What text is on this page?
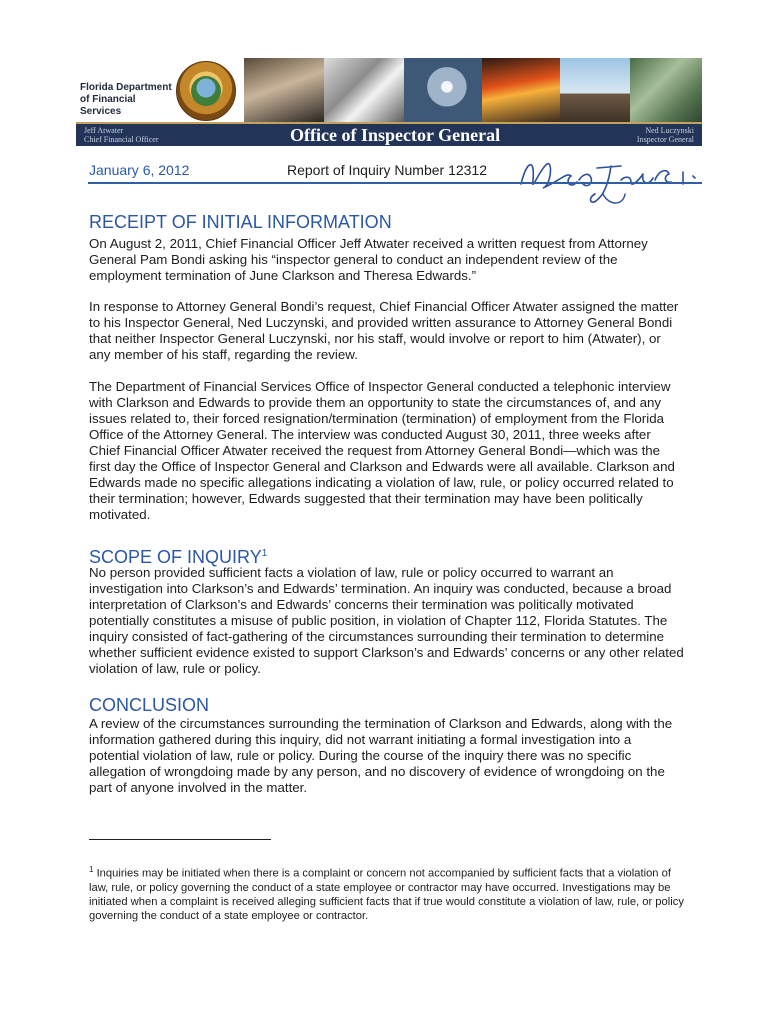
Florida Department
of Financial Services
Jeff Atwater
Chief Financial Officer	Office of Inspector General	Ned Luczynski
Inspector General
January 6, 2012	Report of Inquiry Number 12312
RECEIPT OF INITIAL INFORMATION

On August 2, 2011, Chief Financial Officer Jeff Atwater received a written request from Attorney General Pam Bondi asking his “inspector general to conduct an independent review of the employment termination of June Clarkson and Theresa Edwards.”

In response to Attorney General Bondi’s request, Chief Financial Officer Atwater assigned the matter to his Inspector General, Ned Luczynski, and provided written assurance to Attorney General Bondi that neither Inspector General Luczynski, nor his staff, would involve or report to him (Atwater), or any member of his staff, regarding the review.

The Department of Financial Services Office of Inspector General conducted a telephonic interview with Clarkson and Edwards to provide them an opportunity to state the circumstances of, and any issues related to, their forced resignation/termination (termination) of employment from the Florida Office of the Attorney General. The interview was conducted August 30, 2011, three weeks after Chief Financial Officer Atwater received the request from Attorney General Bondi—which was the first day the Office of Inspector General and Clarkson and Edwards were all available. Clarkson and Edwards made no specific allegations indicating a violation of law, rule, or policy occurred related to their termination; however, Edwards suggested that their termination may have been politically motivated.

SCOPE OF INQUIRY$^1$

No person provided sufficient facts a violation of law, rule or policy occurred to warrant an investigation into Clarkson’s and Edwards’ termination. An inquiry was conducted, because a broad interpretation of Clarkson’s and Edwards’ concerns their termination was politically motivated potentially constitutes a misuse of public position, in violation of Chapter 112, Florida Statutes. The inquiry consisted of fact-gathering of the circumstances surrounding their termination to determine whether sufficient evidence existed to support Clarkson’s and Edwards’ concerns or any other related violation of law, rule or policy.

CONCLUSION

A review of the circumstances surrounding the termination of Clarkson and Edwards, along with the information gathered during this inquiry, did not warrant initiating a formal investigation into a potential violation of law, rule or policy. During the course of the inquiry there was no specific allegation of wrongdoing made by any person, and no discovery of evidence of wrongdoing on the part of anyone involved in the matter.

$^1$ Inquiries may be initiated when there is a complaint or concern not accompanied by sufficient facts that a violation of law, rule, or policy governing the conduct of a state employee or contractor may have occurred. Investigations may be initiated when a complaint is received alleging sufficient facts that if true would constitute a violation of law, rule, or policy governing the conduct of a state employee or contractor.
